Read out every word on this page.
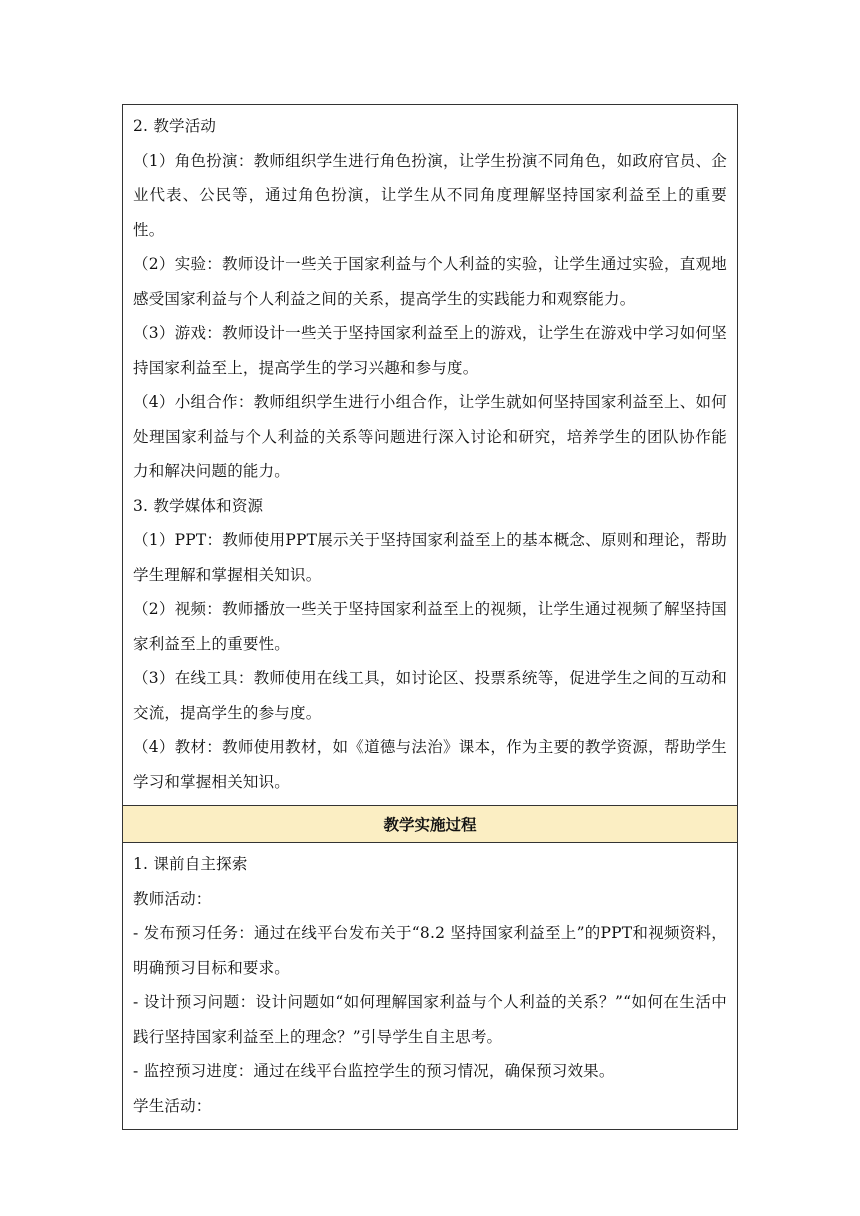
2. 教学活动

（1）角色扮演：教师组织学生进行角色扮演，让学生扮演不同角色，如政府官员、企业代表、公民等，通过角色扮演，让学生从不同角度理解坚持国家利益至上的重要性。

（2）实验：教师设计一些关于国家利益与个人利益的实验，让学生通过实验，直观地感受国家利益与个人利益之间的关系，提高学生的实践能力和观察能力。

（3）游戏：教师设计一些关于坚持国家利益至上的游戏，让学生在游戏中学习如何坚持国家利益至上，提高学生的学习兴趣和参与度。

（4）小组合作：教师组织学生进行小组合作，让学生就如何坚持国家利益至上、如何处理国家利益与个人利益的关系等问题进行深入讨论和研究，培养学生的团队协作能力和解决问题的能力。

3. 教学媒体和资源

（1）PPT：教师使用PPT展示关于坚持国家利益至上的基本概念、原则和理论，帮助学生理解和掌握相关知识。

（2）视频：教师播放一些关于坚持国家利益至上的视频，让学生通过视频了解坚持国家利益至上的重要性。

（3）在线工具：教师使用在线工具，如讨论区、投票系统等，促进学生之间的互动和交流，提高学生的参与度。

（4）教材：教师使用教材，如《道德与法治》课本，作为主要的教学资源，帮助学生学习和掌握相关知识。

教学实施过程

1. 课前自主探索

教师活动：

- 发布预习任务：通过在线平台发布关于“8.2 坚持国家利益至上”的PPT和视频资料，明确预习目标和要求。

- 设计预习问题：设计问题如“如何理解国家利益与个人利益的关系？”“如何在生活中践行坚持国家利益至上的理念？”引导学生自主思考。

- 监控预习进度：通过在线平台监控学生的预习情况，确保预习效果。

学生活动：
